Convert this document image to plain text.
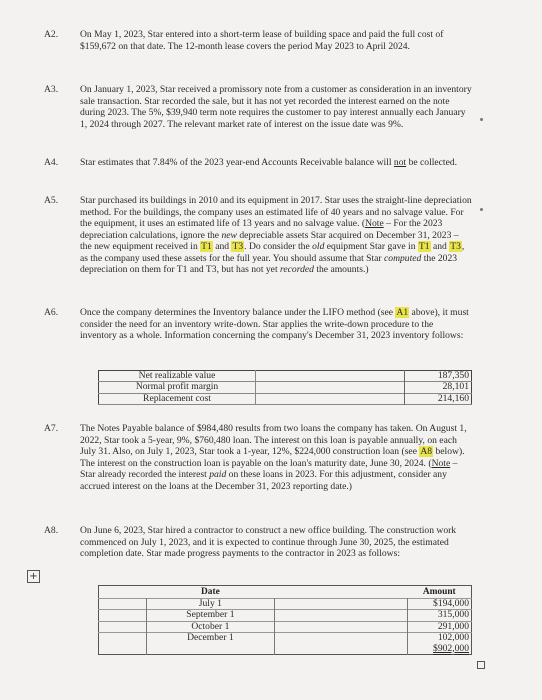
A2. On May 1, 2023, Star entered into a short-term lease of building space and paid the full cost of $159,672 on that date. The 12-month lease covers the period May 2023 to April 2024.
A3. On January 1, 2023, Star received a promissory note from a customer as consideration in an inventory sale transaction. Star recorded the sale, but it has not yet recorded the interest earned on the note during 2023. The 5%, $39,940 term note requires the customer to pay interest annually each January 1, 2024 through 2027. The relevant market rate of interest on the issue date was 9%.
A4. Star estimates that 7.84% of the 2023 year-end Accounts Receivable balance will not be collected.
A5. Star purchased its buildings in 2010 and its equipment in 2017. Star uses the straight-line depreciation method. For the buildings, the company uses an estimated life of 40 years and no salvage value. For the equipment, it uses an estimated life of 13 years and no salvage value. (Note – For the 2023 depreciation calculations, ignore the new depreciable assets Star acquired on December 31, 2023 – the new equipment received in T1 and T3. Do consider the old equipment Star gave in T1 and T3, as the company used these assets for the full year. You should assume that Star computed the 2023 depreciation on them for T1 and T3, but has not yet recorded the amounts.)
A6. Once the company determines the Inventory balance under the LIFO method (see A1 above), it must consider the need for an inventory write-down. Star applies the write-down procedure to the inventory as a whole. Information concerning the company's December 31, 2023 inventory follows:
Net realizable value		187,350
Normal profit margin		28,101
Replacement cost		214,160
A7. The Notes Payable balance of $984,480 results from two loans the company has taken. On August 1, 2022, Star took a 5-year, 9%, $760,480 loan. The interest on this loan is payable annually, on each July 31. Also, on July 1, 2023, Star took a 1-year, 12%, $224,000 construction loan (see A8 below). The interest on the construction loan is payable on the loan's maturity date, June 30, 2024. (Note – Star already recorded the interest paid on these loans in 2023. For this adjustment, consider any accrued interest on the loans at the December 31, 2023 reporting date.)
A8. On June 6, 2023, Star hired a contractor to construct a new office building. The construction work commenced on July 1, 2023, and it is expected to continue through June 30, 2025, the estimated completion date. Star made progress payments to the contractor in 2023 as follows:
+
	Date		Amount
	July 1		$194,000
	September 1		315,000
	October 1		291,000
	December 1		102,000
			$902,000
